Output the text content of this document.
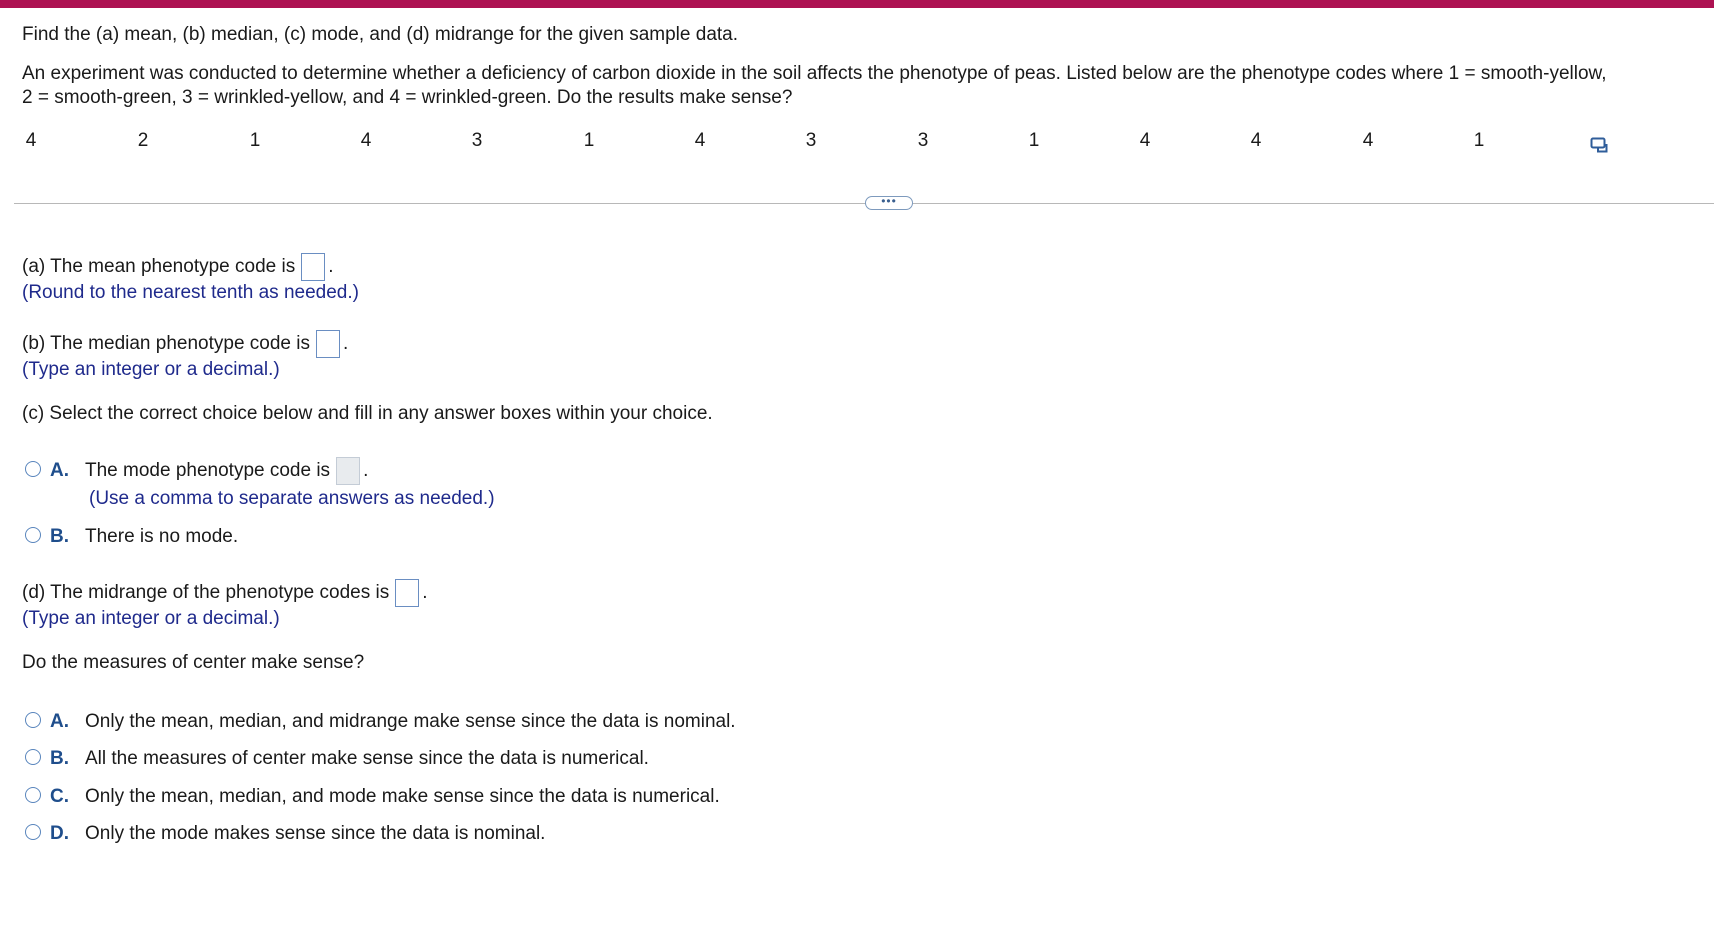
Find the (a) mean, (b) median, (c) mode, and (d) midrange for the given sample data.
An experiment was conducted to determine whether a deficiency of carbon dioxide in the soil affects the phenotype of peas. Listed below are the phenotype codes where 1 = smooth-yellow,
2 = smooth-green, 3 = wrinkled-yellow, and 4 = wrinkled-green. Do the results make sense?
4	2	1	4	3	1	4	3	3	1	4	4	4	1
•••
(a) The mean phenotype code is .
(Round to the nearest tenth as needed.)
(b) The median phenotype code is .
(Type an integer or a decimal.)
(c) Select the correct choice below and fill in any answer boxes within your choice.
A. The mode phenotype code is .
(Use a comma to separate answers as needed.)
B. There is no mode.
(d) The midrange of the phenotype codes is .
(Type an integer or a decimal.)
Do the measures of center make sense?
A. Only the mean, median, and midrange make sense since the data is nominal.
B. All the measures of center make sense since the data is numerical.
C. Only the mean, median, and mode make sense since the data is numerical.
D. Only the mode makes sense since the data is nominal.
